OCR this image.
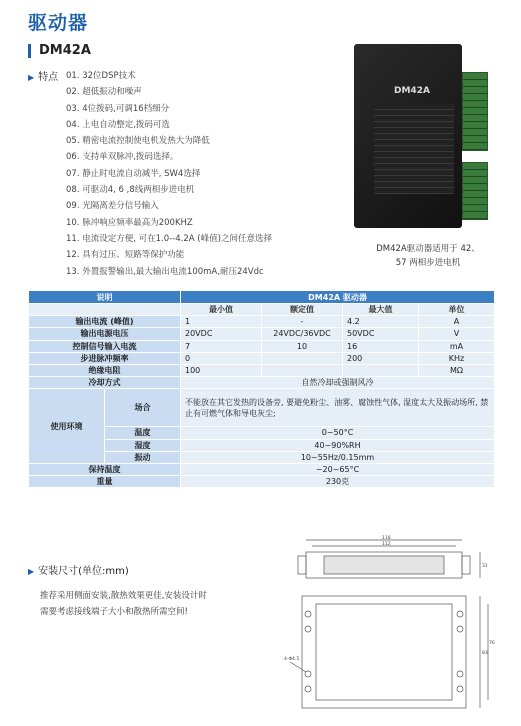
驱动器
DM42A
▶ 特点 01. 32位DSP技术
02. 超低振动和噪声
03. 4位拨码,可调16档细分
04. 上电自动整定,拨码可选
05. 精密电流控制使电机发热大为降低
06. 支持单双脉冲,拨码选择。
07. 静止时电流自动减半, SW4选择
08. 可驱动4, 6 ,8线两相步进电机
09. 光隔离差分信号输入
10. 脉冲响应频率最高为200KHZ
11. 电流设定方便, 可在1.0--4.2A (峰值)之间任意选择
12. 具有过压、短路等保护功能
13. 外置报警输出,最大输出电流100mA,耐压24Vdc
DM42A
DM42A驱动器适用于 42、
57 两相步进电机
说明		DM42A 驱动器			
		最小值	额定值	最大值	单位
输出电流 (峰值)		1	-	4.2	A
输出电源电压		20VDC	24VDC/36VDC	50VDC	V
控制信号输入电流		7	10	16	mA
步进脉冲频率		0		200	KHz
绝缘电阻		100			MΩ
冷却方式		自然冷却或强制风冷			
使用环境	场合	不能放在其它发热的设备旁, 要避免粉尘、油雾、腐蚀性气体, 湿度太大及振动场所, 禁止有可燃气体和导电灰尘;			
	温度	0~50°C			
	湿度	40~90%RH			
	振动	10~55Hz/0.15mm			
保持温度		−20~65°C			
重量		230克			
▶ 安装尺寸(单位:mm)
推荐采用侧面安装,散热效果更佳,安装设计时
需要考虑接线端子大小和散热所需空间!
118
112
31
4-Φ4.5
83
76
